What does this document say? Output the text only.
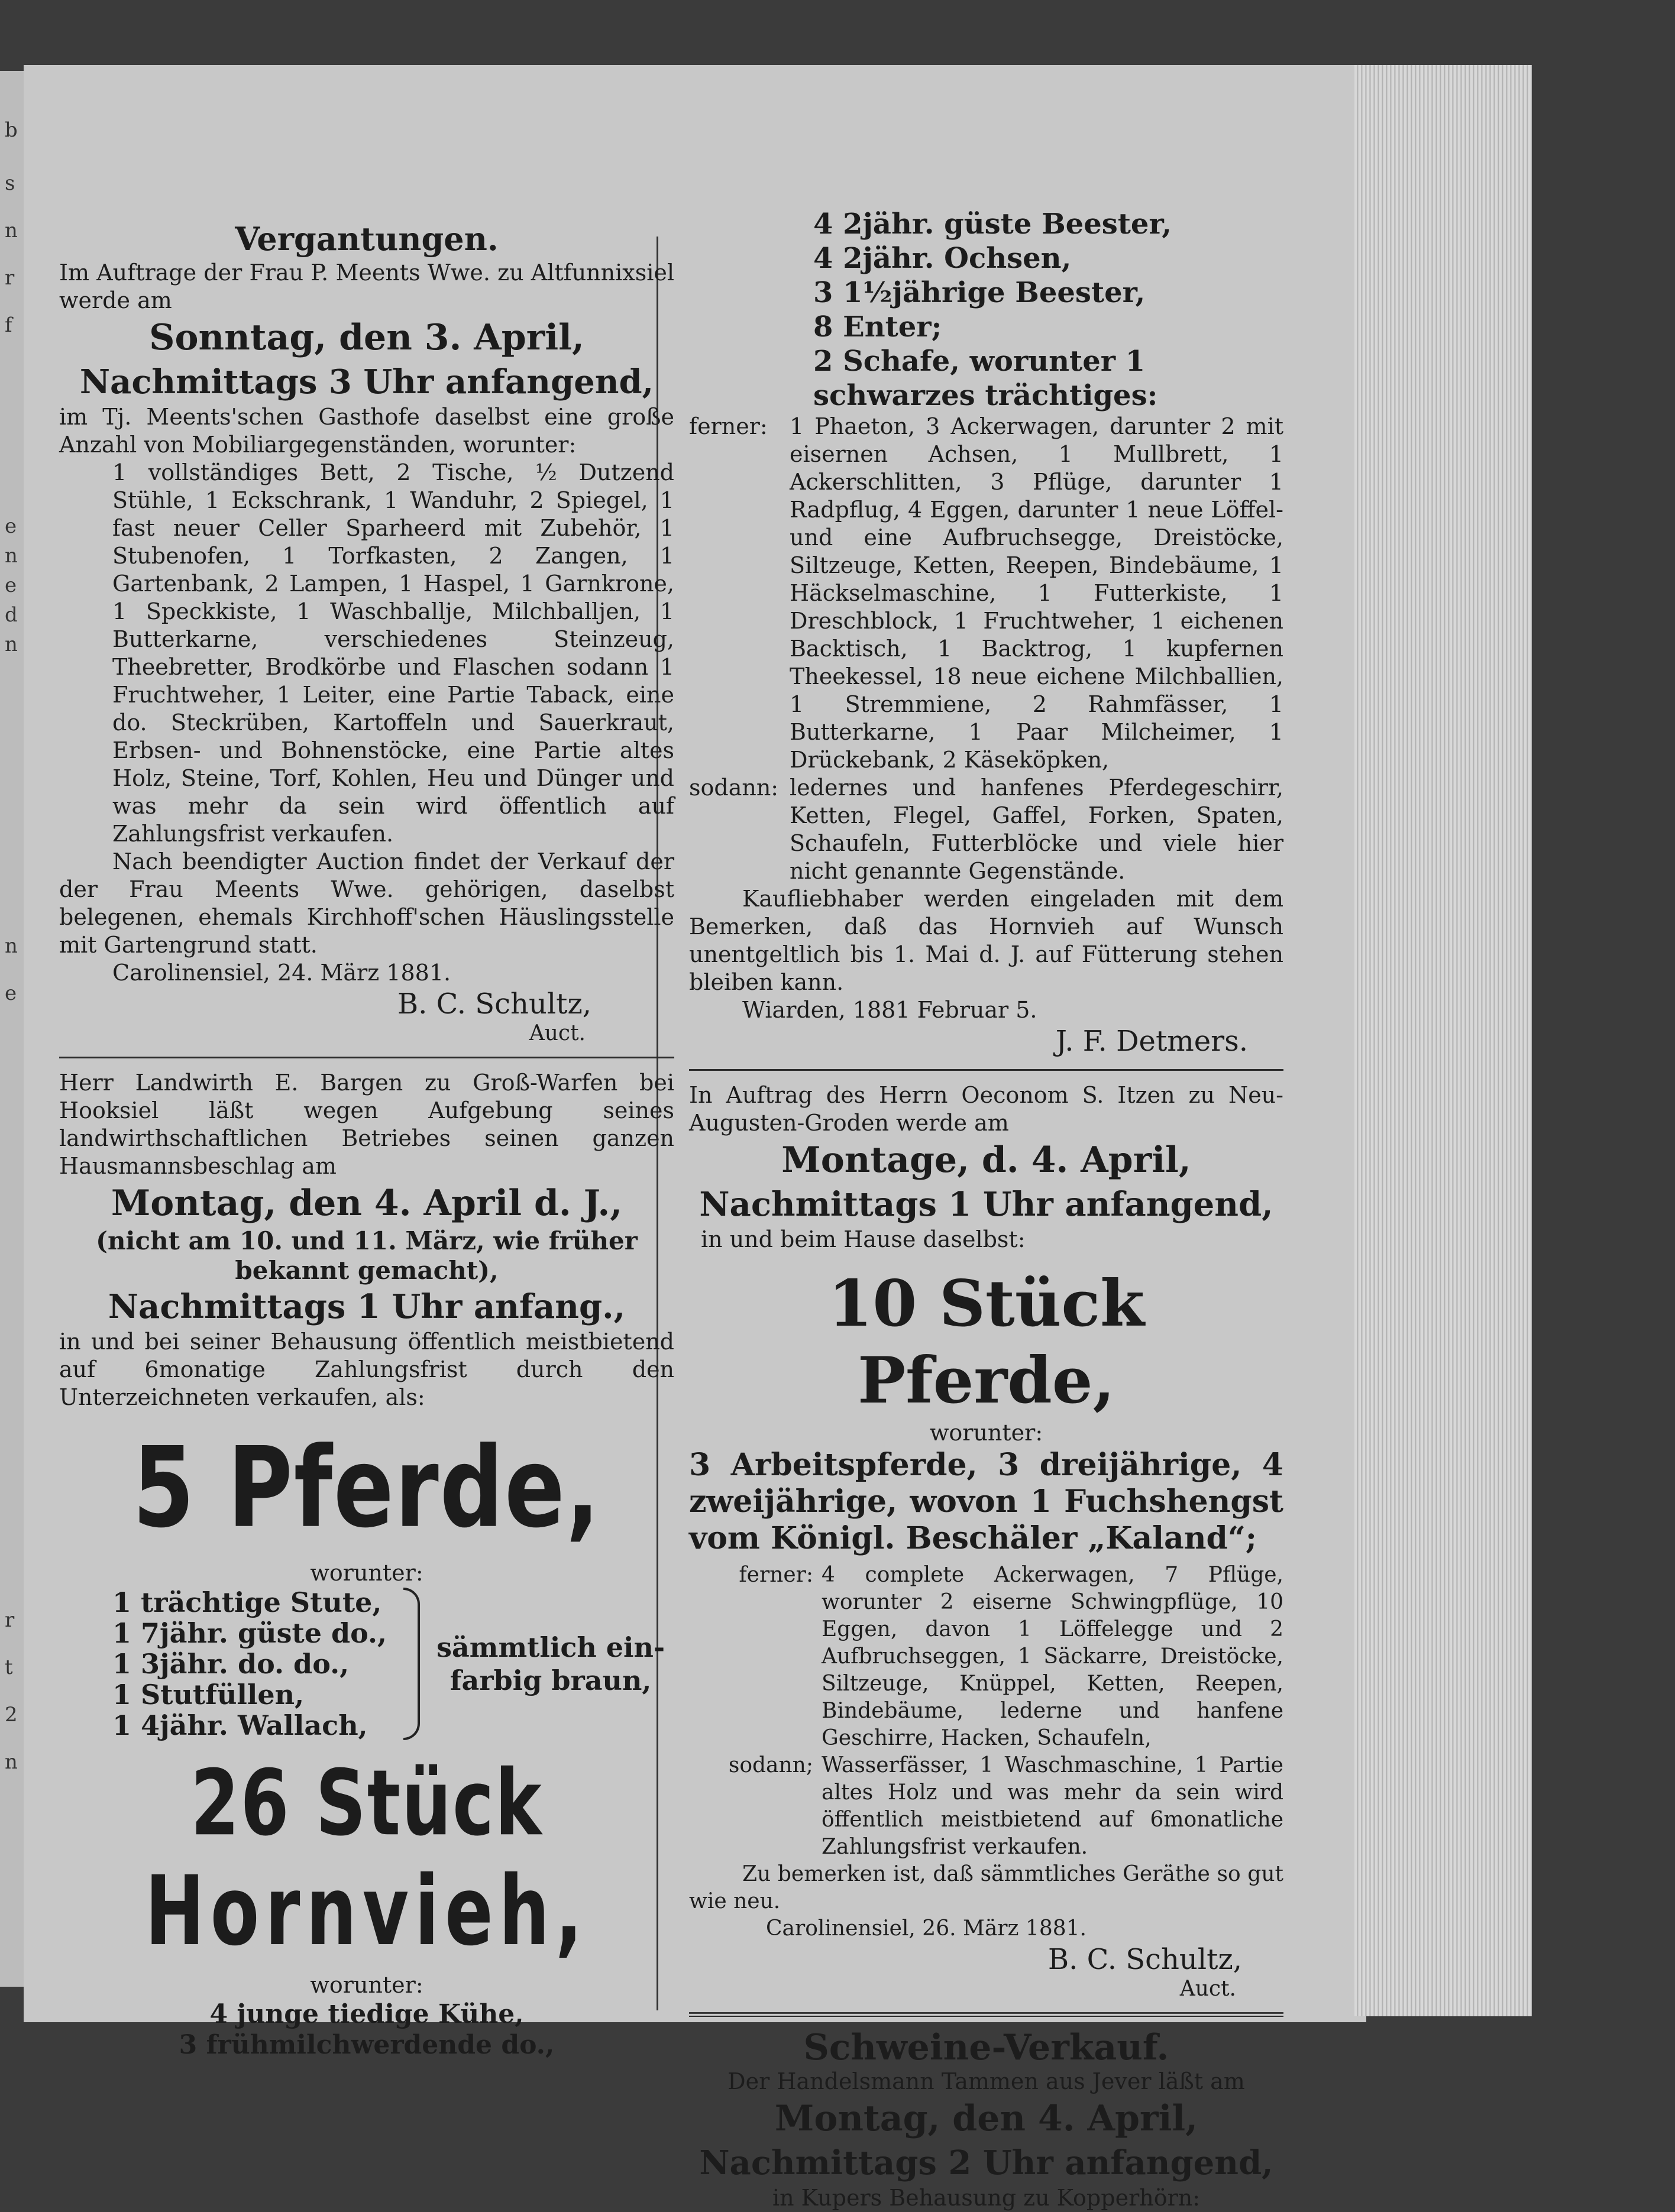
b
s
n
r
f
e
n
e
d
n
n
e
r
t
2
n
Vergantungen.
Im Auftrage der Frau P. Meents Wwe. zu Altfunnixsiel werde am
Sonntag, den 3. April,
Nachmittags 3 Uhr anfangend,
im Tj. Meents'schen Gasthofe daselbst eine große Anzahl von Mobiliargegenständen, worunter:
1 vollständiges Bett, 2 Tische, ½ Dutzend Stühle, 1 Eckschrank, 1 Wanduhr, 2 Spiegel, 1 fast neuer Celler Sparheerd mit Zubehör, 1 Stubenofen, 1 Torfkasten, 2 Zangen, 1 Gartenbank, 2 Lampen, 1 Haspel, 1 Garnkrone, 1 Speckkiste, 1 Waschballje, Milchballjen, 1 Butterkarne, verschiedenes Steinzeug, Theebretter, Brodkörbe und Flaschen sodann 1 Fruchtweher, 1 Leiter, eine Partie Taback, eine do. Steckrüben, Kartoffeln und Sauerkraut, Erbsen- und Bohnenstöcke, eine Partie altes Holz, Steine, Torf, Kohlen, Heu und Dünger und was mehr da sein wird öffentlich auf Zahlungsfrist verkaufen.
Nach beendigter Auction findet der Verkauf der der Frau Meents Wwe. gehörigen, daselbst belegenen, ehemals Kirchhoff'schen Häuslingsstelle mit Gartengrund statt.
Carolinensiel, 24. März 1881.
B. C. Schultz,
Auct.
Herr Landwirth E. Bargen zu Groß-Warfen bei Hooksiel läßt wegen Aufgebung seines landwirthschaftlichen Betriebes seinen ganzen Hausmannsbeschlag am
Montag, den 4. April d. J.,
(nicht am 10. und 11. März, wie früher bekannt gemacht),
Nachmittags 1 Uhr anfang.,
in und bei seiner Behausung öffentlich meistbietend auf 6monatige Zahlungsfrist durch den Unterzeichneten verkaufen, als:
5 Pferde,
worunter:
1 trächtige Stute,
1 7jähr. güste do.,
1 3jähr. do. do.,
1 Stutfüllen,
1 4jähr. Wallach,
sämmtlich ein-
farbig braun,
26 Stück
Hornvieh,
worunter:
4 junge tiedige Kühe,
3 frühmilchwerdende do.,
4 2jähr. güste Beester,
4 2jähr. Ochsen,
3 1½jährige Beester,
8 Enter;
2 Schafe, worunter 1 schwarzes trächtiges:
ferner: 1 Phaeton, 3 Ackerwagen, darunter 2 mit eisernen Achsen, 1 Mullbrett, 1 Ackerschlitten, 3 Pflüge, darunter 1 Radpflug, 4 Eggen, darunter 1 neue Löffel- und eine Aufbruchsegge, Dreistöcke, Siltzeuge, Ketten, Reepen, Bindebäume, 1 Häckselmaschine, 1 Futterkiste, 1 Dreschblock, 1 Fruchtweher, 1 eichenen Backtisch, 1 Backtrog, 1 kupfernen Theekessel, 18 neue eichene Milchballien, 1 Stremmiene, 2 Rahmfässer, 1 Butterkarne, 1 Paar Milcheimer, 1 Drückebank, 2 Käseköpken,
sodann: ledernes und hanfenes Pferdegeschirr, Ketten, Flegel, Gaffel, Forken, Spaten, Schaufeln, Futterblöcke und viele hier nicht genannte Gegenstände.
Kaufliebhaber werden eingeladen mit dem Bemerken, daß das Hornvieh auf Wunsch unentgeltlich bis 1. Mai d. J. auf Fütterung stehen bleiben kann.
Wiarden, 1881 Februar 5.
J. F. Detmers.
In Auftrag des Herrn Oeconom S. Itzen zu Neu-Augusten-Groden werde am
Montage, d. 4. April,
Nachmittags 1 Uhr anfangend,
in und beim Hause daselbst:
10 Stück Pferde,
worunter:
3 Arbeitspferde, 3 dreijährige, 4 zweijährige, wovon 1 Fuchshengst vom Königl. Beschäler „Kaland“;
ferner: 4 complete Ackerwagen, 7 Pflüge, worunter 2 eiserne Schwingpflüge, 10 Eggen, davon 1 Löffelegge und 2 Aufbruchseggen, 1 Säckarre, Dreistöcke, Siltzeuge, Knüppel, Ketten, Reepen, Bindebäume, lederne und hanfene Geschirre, Hacken, Schaufeln,
sodann; Wasserfässer, 1 Waschmaschine, 1 Partie altes Holz und was mehr da sein wird öffentlich meistbietend auf 6monatliche Zahlungsfrist verkaufen.
Zu bemerken ist, daß sämmtliches Geräthe so gut wie neu.
Carolinensiel, 26. März 1881.
B. C. Schultz,
Auct.
Schweine-Verkauf.
Der Handelsmann Tammen aus Jever läßt am
Montag, den 4. April,
Nachmittags 2 Uhr anfangend,
in Kupers Behausung zu Kopperhörn:
